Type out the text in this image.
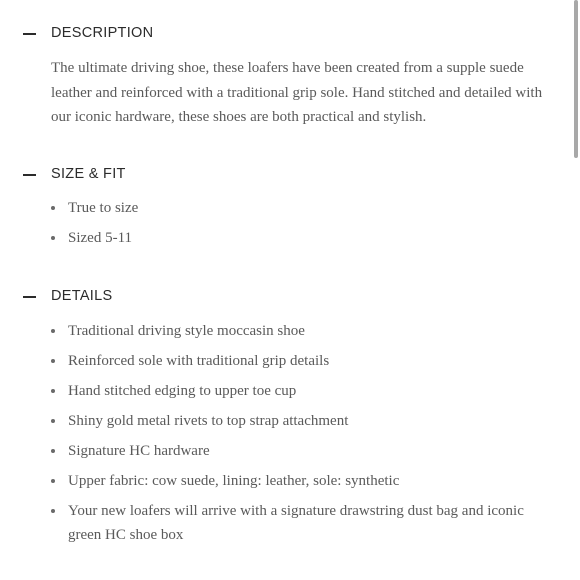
DESCRIPTION

The ultimate driving shoe, these loafers have been created from a supple suede leather and reinforced with a traditional grip sole. Hand stitched and detailed with our iconic hardware, these shoes are both practical and stylish.

SIZE & FIT
True to size
Sized 5-11
DETAILS
Traditional driving style moccasin shoe
Reinforced sole with traditional grip details
Hand stitched edging to upper toe cup
Shiny gold metal rivets to top strap attachment
Signature HC hardware
Upper fabric: cow suede, lining: leather, sole: synthetic
Your new loafers will arrive with a signature drawstring dust bag and iconic green HC shoe box
